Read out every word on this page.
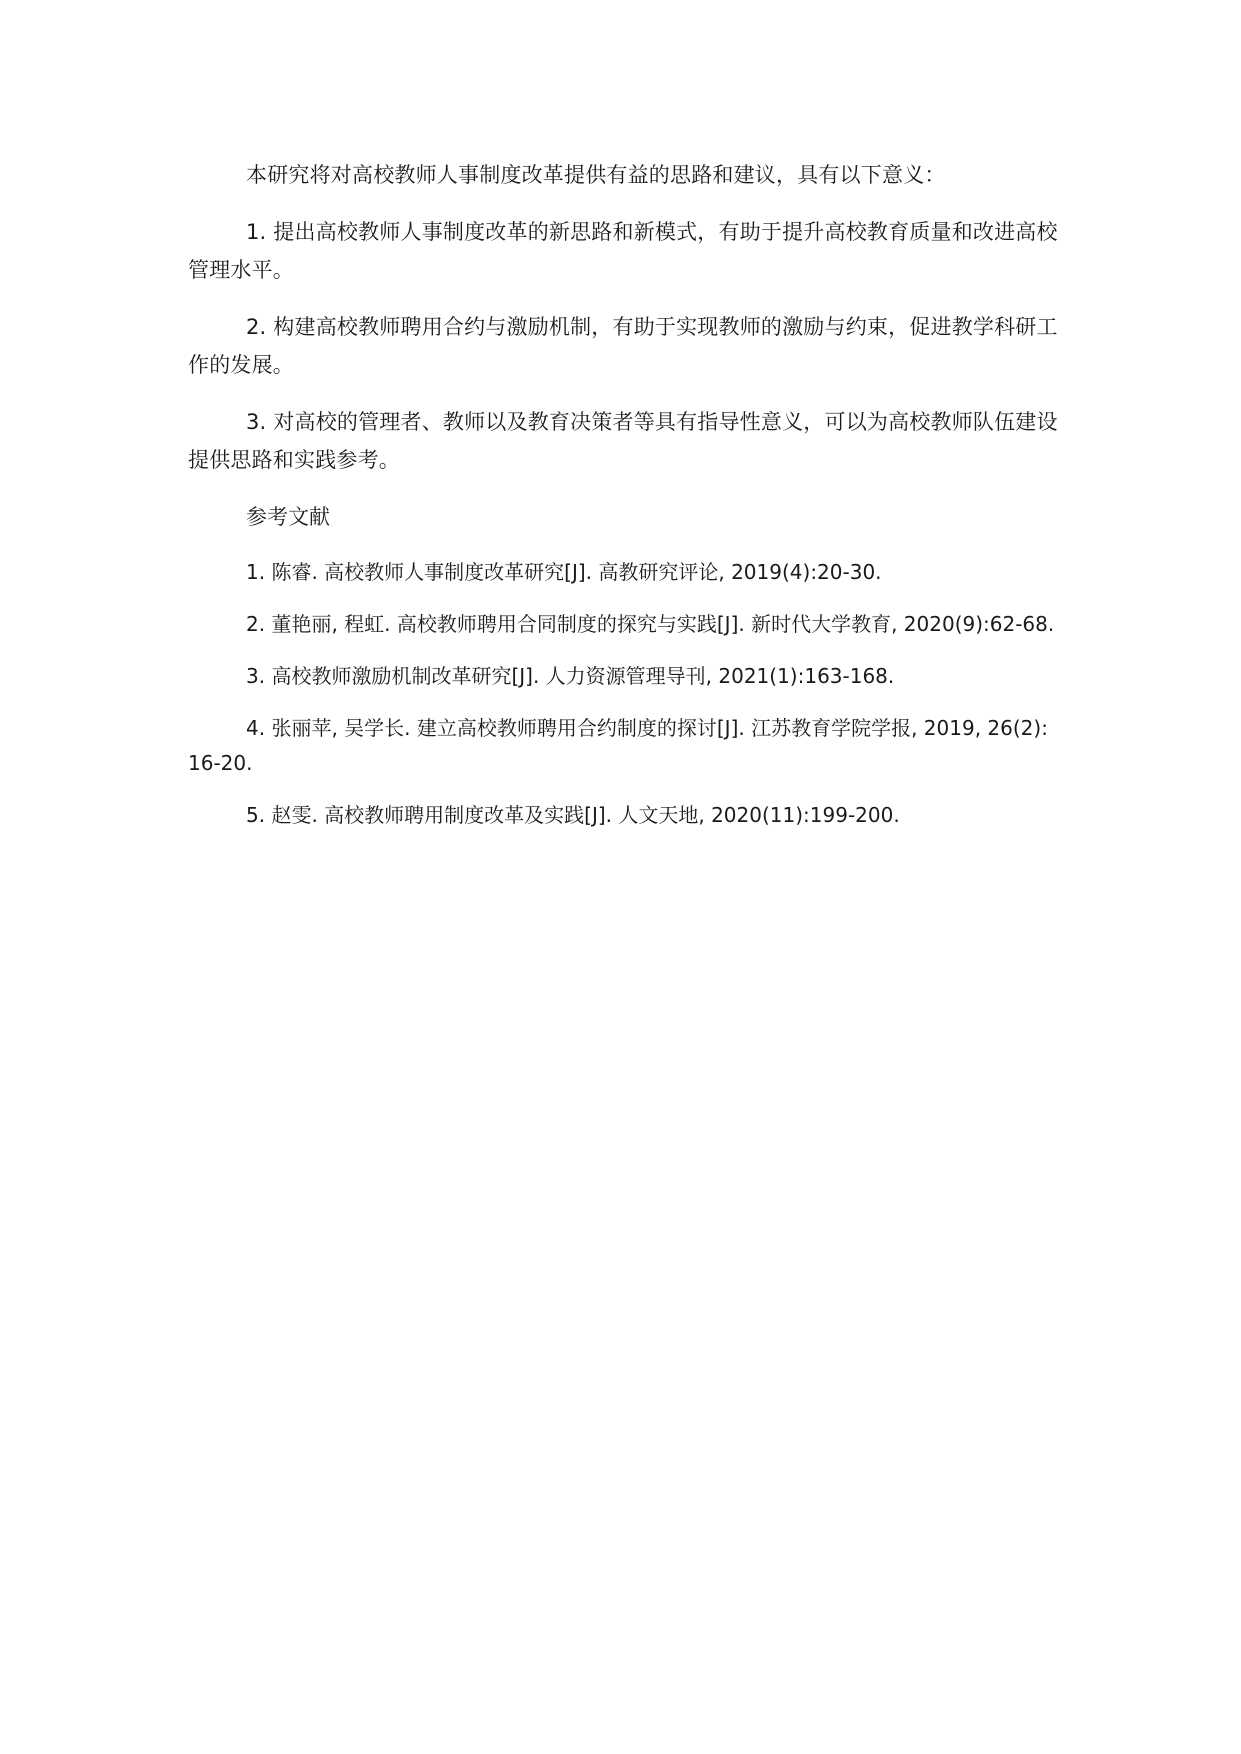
本研究将对高校教师人事制度改革提供有益的思路和建议，具有以下意义：

1. 提出高校教师人事制度改革的新思路和新模式，有助于提升高校教育质量和改进高校管理水平。

2. 构建高校教师聘用合约与激励机制，有助于实现教师的激励与约束，促进教学科研工作的发展。

3. 对高校的管理者、教师以及教育决策者等具有指导性意义，可以为高校教师队伍建设提供思路和实践参考。

参考文献

1. 陈睿. 高校教师人事制度改革研究[J]. 高教研究评论, 2019(4):20-30.

2. 董艳丽, 程虹. 高校教师聘用合同制度的探究与实践[J]. 新时代大学教育, 2020(9):62-68.

3. 高校教师激励机制改革研究[J]. 人力资源管理导刊, 2021(1):163-168.

4. 张丽苹, 吴学长. 建立高校教师聘用合约制度的探讨[J]. 江苏教育学院学报, 2019, 26(2):16-20.

5. 赵雯. 高校教师聘用制度改革及实践[J]. 人文天地, 2020(11):199-200.
